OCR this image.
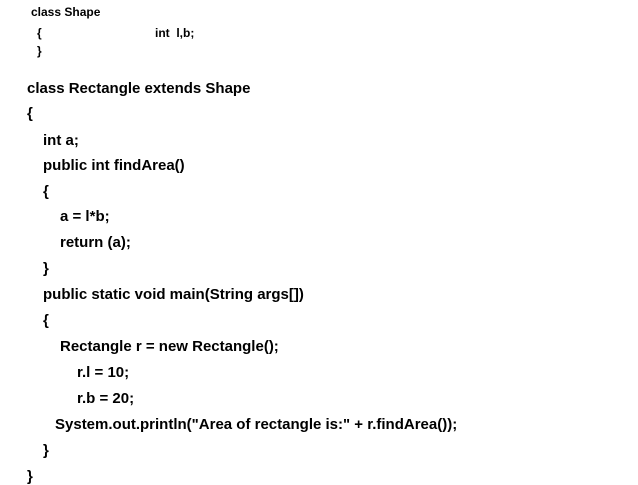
class Shape
{	int  l,b;
}
class Rectangle extends Shape
{
int a;
public int findArea()
{
a = l*b;
return (a);
}
public static void main(String args[])
{
Rectangle r = new Rectangle();
r.l = 10;
r.b = 20;
System.out.println("Area of rectangle is:" + r.findArea());
}
}
